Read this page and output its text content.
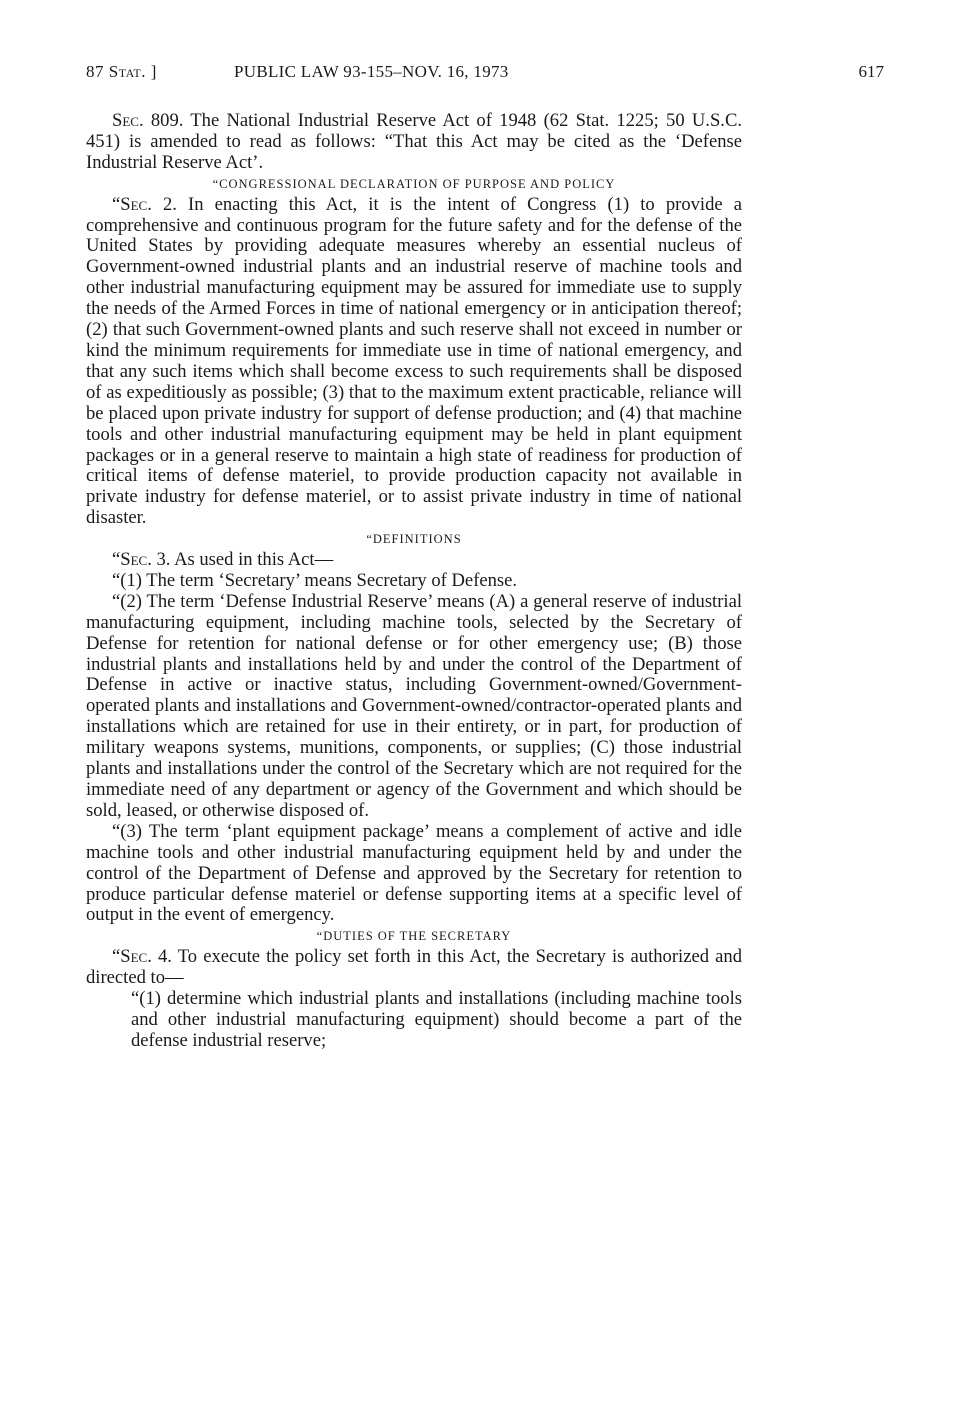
87 Stat. ]	PUBLIC LAW 93-155–NOV. 16, 1973	617

Sec. 809. The National Industrial Reserve Act of 1948 (62 Stat. 1225; 50 U.S.C. 451) is amended to read as follows: “That this Act may be cited as the ‘Defense Industrial Reserve Act’.

“CONGRESSIONAL DECLARATION OF PURPOSE AND POLICY

“Sec. 2. In enacting this Act, it is the intent of Congress (1) to provide a comprehensive and continuous program for the future safety and for the defense of the United States by providing adequate measures whereby an essential nucleus of Government-owned industrial plants and an industrial reserve of machine tools and other industrial manufacturing equipment may be assured for immediate use to supply the needs of the Armed Forces in time of national emergency or in anticipation thereof; (2) that such Government-owned plants and such reserve shall not exceed in number or kind the minimum requirements for immediate use in time of national emergency, and that any such items which shall become excess to such requirements shall be disposed of as expeditiously as possible; (3) that to the maximum extent practicable, reliance will be placed upon private industry for support of defense production; and (4) that machine tools and other industrial manufacturing equipment may be held in plant equipment packages or in a general reserve to maintain a high state of readiness for production of critical items of defense materiel, to provide production capacity not available in private industry for defense materiel, or to assist private industry in time of national disaster.

“DEFINITIONS

“Sec. 3. As used in this Act—

“(1) The term ‘Secretary’ means Secretary of Defense.

“(2) The term ‘Defense Industrial Reserve’ means (A) a general reserve of industrial manufacturing equipment, including machine tools, selected by the Secretary of Defense for retention for national defense or for other emergency use; (B) those industrial plants and installations held by and under the control of the Department of Defense in active or inactive status, including Government-owned/Government-operated plants and installations and Government-owned/contractor-operated plants and installations which are retained for use in their entirety, or in part, for production of military weapons systems, munitions, components, or supplies; (C) those industrial plants and installations under the control of the Secretary which are not required for the immediate need of any department or agency of the Government and which should be sold, leased, or otherwise disposed of.

“(3) The term ‘plant equipment package’ means a complement of active and idle machine tools and other industrial manufacturing equipment held by and under the control of the Department of Defense and approved by the Secretary for retention to produce particular defense materiel or defense supporting items at a specific level of output in the event of emergency.

“DUTIES OF THE SECRETARY

“Sec. 4. To execute the policy set forth in this Act, the Secretary is authorized and directed to—

“(1) determine which industrial plants and installations (including machine tools and other industrial manufacturing equipment) should become a part of the defense industrial reserve;
